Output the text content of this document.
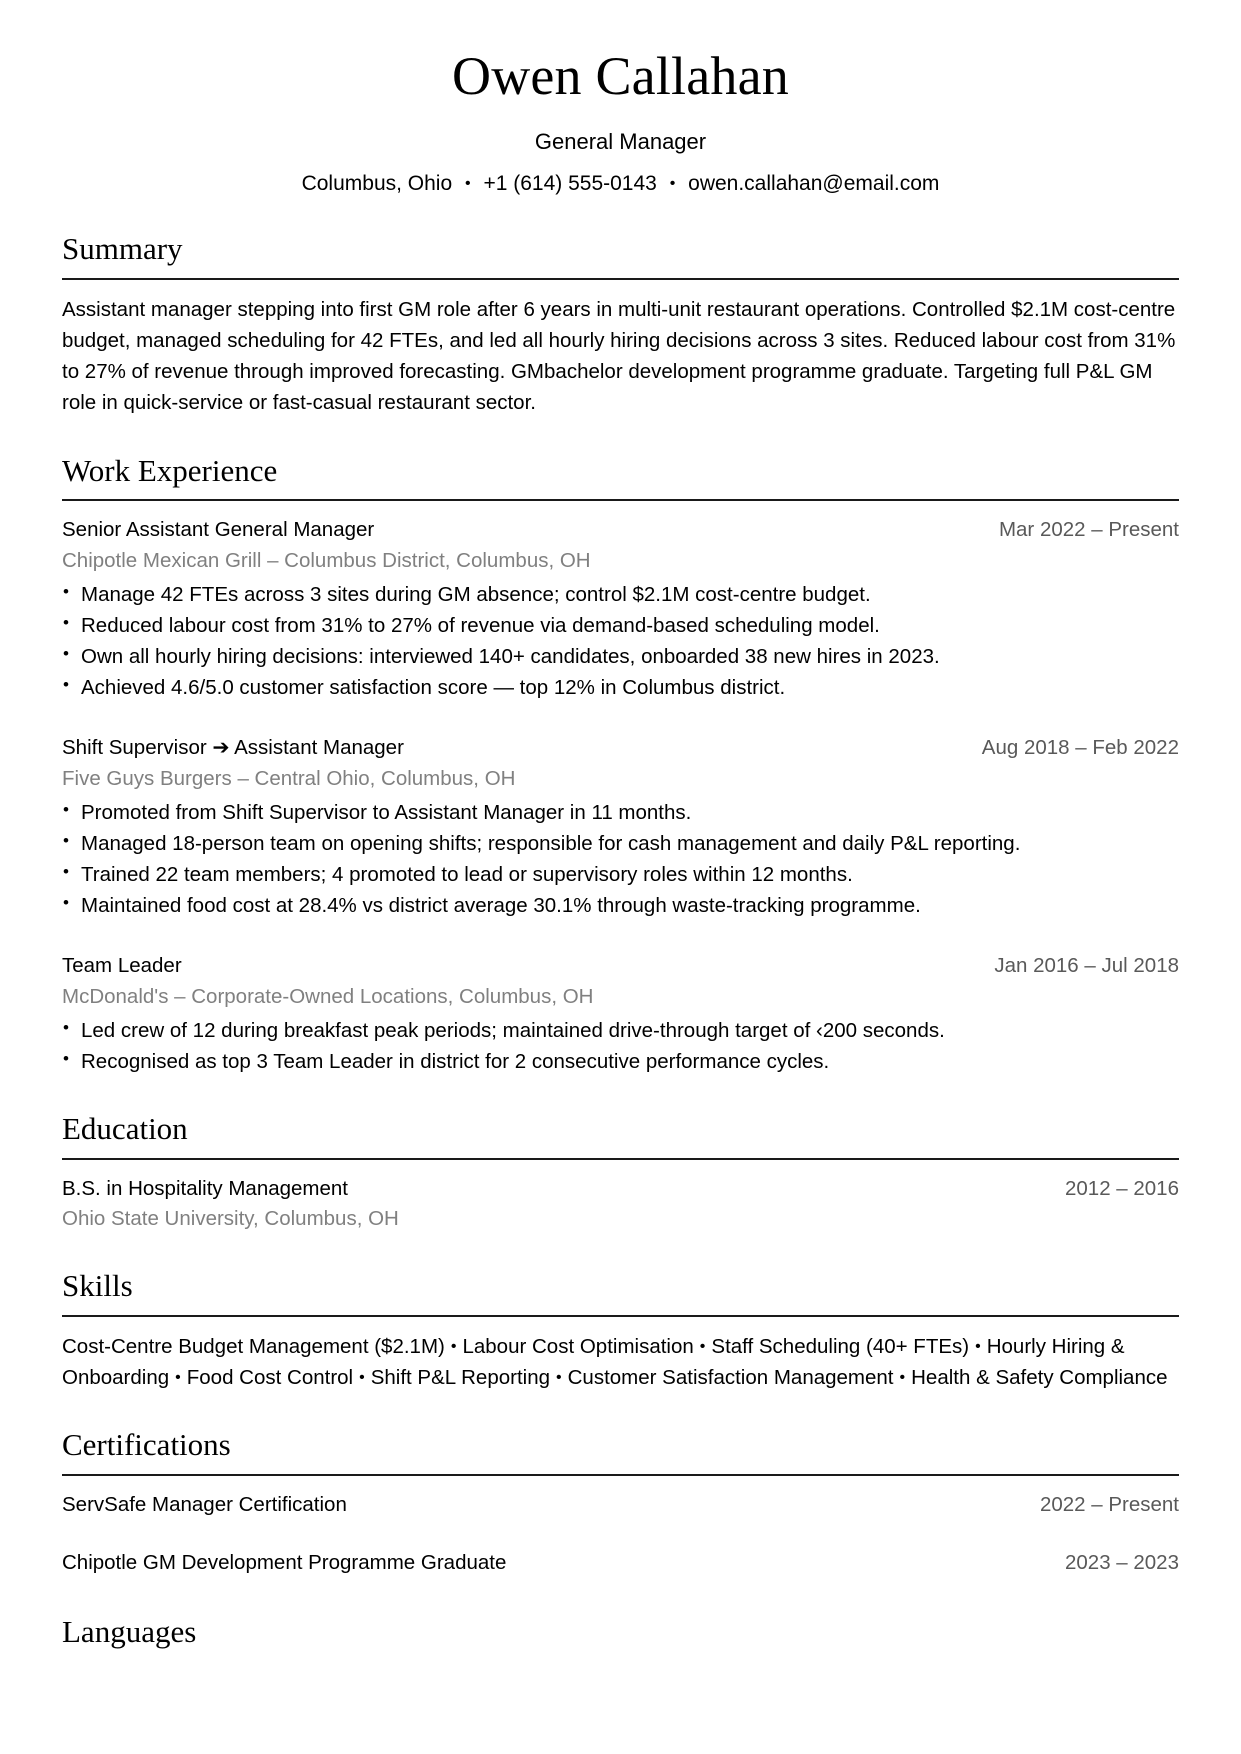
Owen Callahan
General Manager
Columbus, Ohio • +1 (614) 555-0143 • owen.callahan@email.com
Summary

Assistant manager stepping into first GM role after 6 years in multi-unit restaurant operations. Controlled $2.1M cost-centre budget, managed scheduling for 42 FTEs, and led all hourly hiring decisions across 3 sites. Reduced labour cost from 31% to 27% of revenue through improved forecasting. GMbachelor development programme graduate. Targeting full P&L GM role in quick-service or fast-casual restaurant sector.

Work Experience
Senior Assistant General Manager	Mar 2022 – Present
Chipotle Mexican Grill – Columbus District, Columbus, OH
• Manage 42 FTEs across 3 sites during GM absence; control $2.1M cost-centre budget.
• Reduced labour cost from 31% to 27% of revenue via demand-based scheduling model.
• Own all hourly hiring decisions: interviewed 140+ candidates, onboarded 38 new hires in 2023.
• Achieved 4.6/5.0 customer satisfaction score — top 12% in Columbus district.
Shift Supervisor ➔ Assistant Manager	Aug 2018 – Feb 2022
Five Guys Burgers – Central Ohio, Columbus, OH
• Promoted from Shift Supervisor to Assistant Manager in 11 months.
• Managed 18-person team on opening shifts; responsible for cash management and daily P&L reporting.
• Trained 22 team members; 4 promoted to lead or supervisory roles within 12 months.
• Maintained food cost at 28.4% vs district average 30.1% through waste-tracking programme.
Team Leader	Jan 2016 – Jul 2018
McDonald's – Corporate-Owned Locations, Columbus, OH
• Led crew of 12 during breakfast peak periods; maintained drive-through target of ‹200 seconds.
• Recognised as top 3 Team Leader in district for 2 consecutive performance cycles.
Education
B.S. in Hospitality Management	2012 – 2016
Ohio State University, Columbus, OH
Skills

Cost-Centre Budget Management ($2.1M) • Labour Cost Optimisation • Staff Scheduling (40+ FTEs) • Hourly Hiring & Onboarding • Food Cost Control • Shift P&L Reporting • Customer Satisfaction Management • Health & Safety Compliance

Certifications
ServSafe Manager Certification	2022 – Present
Chipotle GM Development Programme Graduate	2023 – 2023
Languages
